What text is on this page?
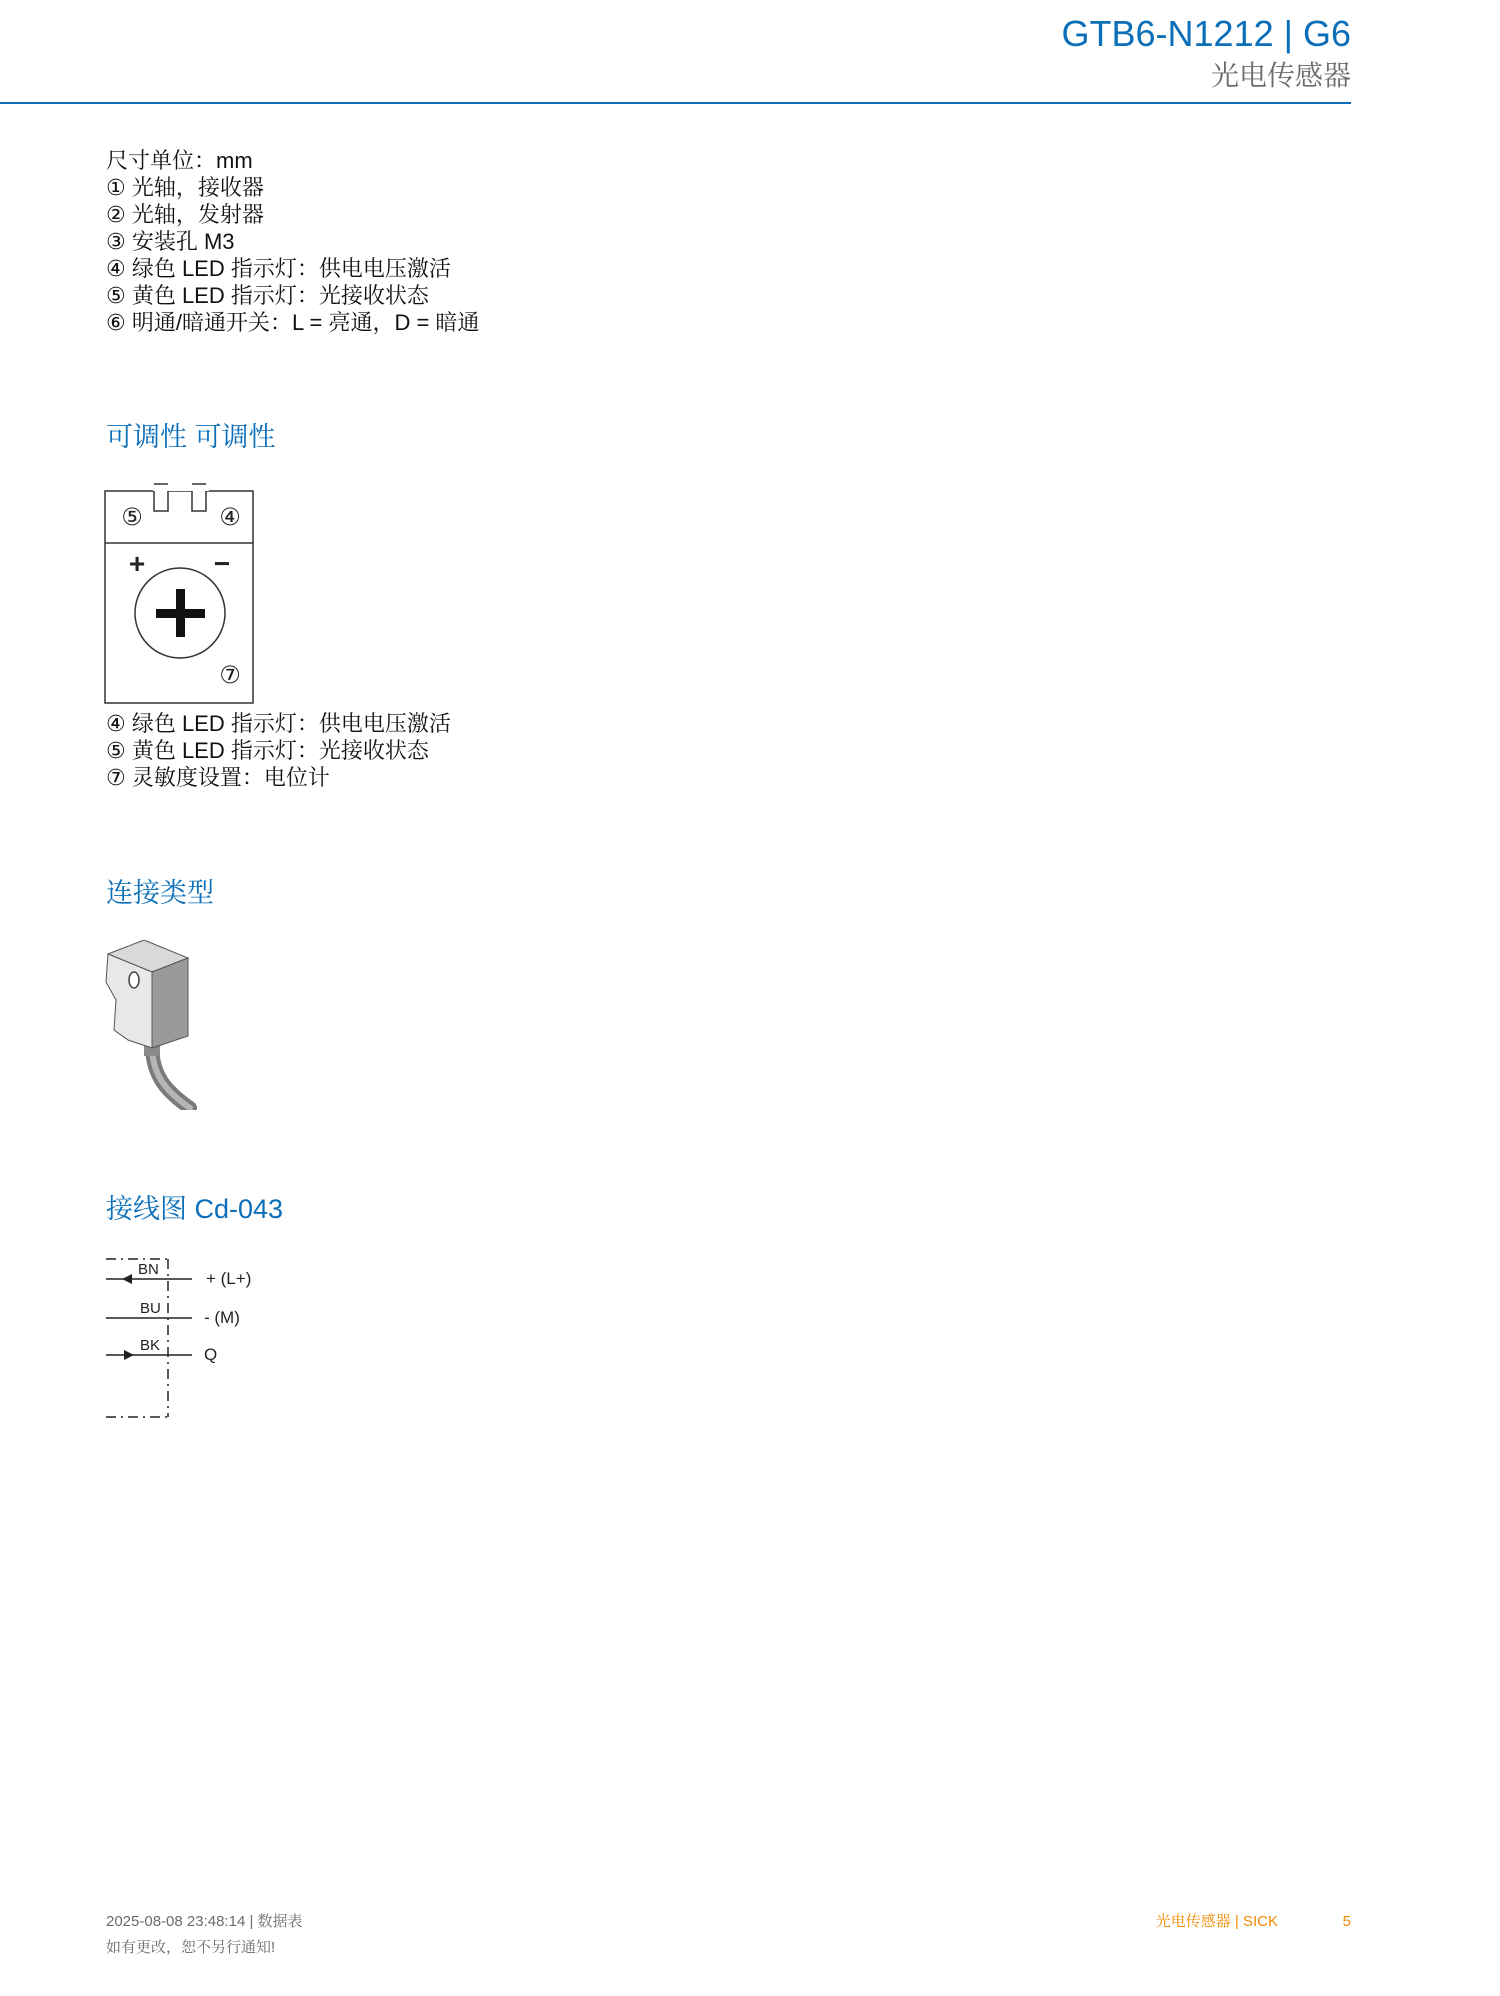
GTB6-N1212 | G6
光电传感器
尺寸单位：mm
① 光轴，接收器
② 光轴，发射器
③ 安装孔 M3
④ 绿色 LED 指示灯：供电电压激活
⑤ 黄色 LED 指示灯：光接收状态
⑥ 明通/暗通开关：L = 亮通，D = 暗通
可调性 可调性
⑤	④
+ −
⑦
④ 绿色 LED 指示灯：供电电压激活
⑤ 黄色 LED 指示灯：光接收状态
⑦ 灵敏度设置：电位计
连接类型
接线图 Cd-043
BN	+ (L+)
BU	- (M)
BK	Q
2025-08-08 23:48:14 | 数据表
如有更改，恕不另行通知!
光电传感器 | SICK	5
